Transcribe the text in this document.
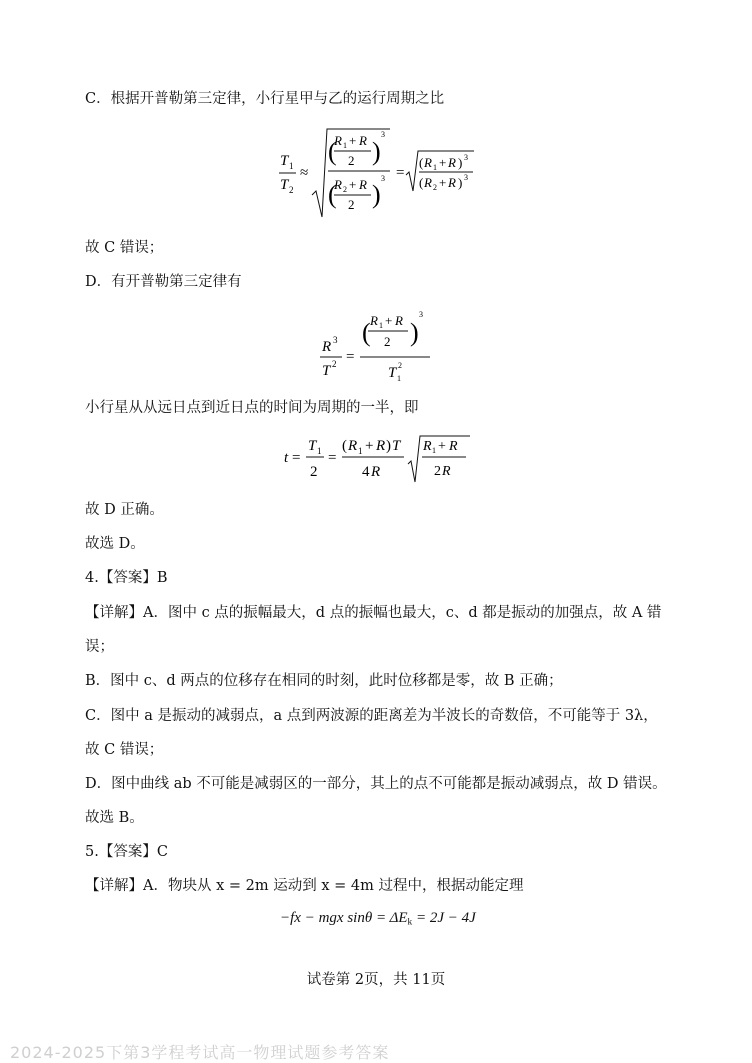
C．根据开普勒第三定律，小行星甲与乙的运行周期之比
T 1
T 2
≈
(
R 1 + R
2 )
3
(
R 2 + R
2 )
3 =
( R 1 + R ) 3
( R 2 + R ) 3
故 C 错误；
D．有开普勒第三定律有
R 3
T 2 =
( R 1 + R
2 )
3
T 1
2
小行星从从远日点到近日点的时间为周期的一半，即
t =
T 1
2
=
( R 1 + R ) T
4 R
R 1 + R
2 R
故 D 正确。
故选 D。
4.【答案】B
【详解】A．图中 c 点的振幅最大，d 点的振幅也最大，c、d 都是振动的加强点，故 A 错
误；
B．图中 c、d 两点的位移存在相同的时刻，此时位移都是零，故 B 正确；
C．图中 a 是振动的减弱点，a 点到两波源的距离差为半波长的奇数倍，不可能等于 3λ，
故 C 错误；
D．图中曲线 ab 不可能是减弱区的一部分，其上的点不可能都是振动减弱点，故 D 错误。
故选 B。
5.【答案】C
【详解】A．物块从 x = 2m 运动到 x = 4m 过程中，根据动能定理
−fx − mgx $\sin\theta = \Delta E_k = 2J - 4J$
试卷第 2页，共 11页
2024-2025下第3学程考试高一物理试题参考答案
